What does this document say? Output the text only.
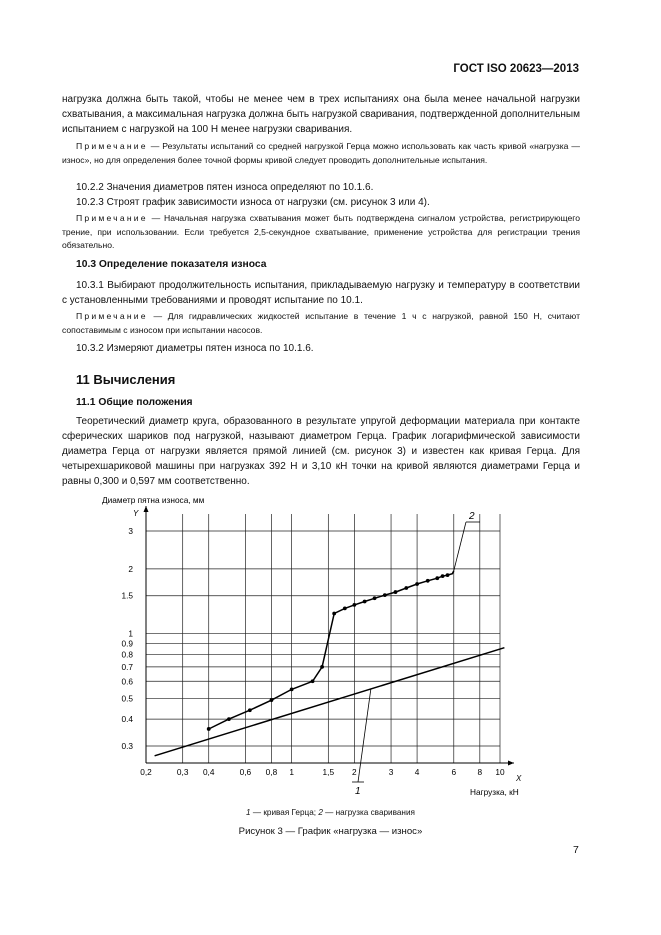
ГОСТ ISO 20623—2013
нагрузка должна быть такой, чтобы не менее чем в трех испытаниях она была менее начальной нагрузки схватывания, а максимальная нагрузка должна быть нагрузкой сваривания, подтвержденной дополнительным испытанием с нагрузкой на 100 Н менее нагрузки сваривания.
Примечание — Результаты испытаний со средней нагрузкой Герца можно использовать как часть кривой «нагрузка — износ», но для определения более точной формы кривой следует проводить дополнительные испытания.
10.2.2 Значения диаметров пятен износа определяют по 10.1.6.
10.2.3 Строят график зависимости износа от нагрузки (см. рисунок 3 или 4).
Примечание — Начальная нагрузка схватывания может быть подтверждена сигналом устройства, регистрирующего трение, при использовании. Если требуется 2,5-секундное схватывание, применение устройства для регистрации трения обязательно.
10.3 Определение показателя износа
10.3.1 Выбирают продолжительность испытания, прикладываемую нагрузку и температуру в соответствии с установленными требованиями и проводят испытание по 10.1.
Примечание — Для гидравлических жидкостей испытание в течение 1 ч с нагрузкой, равной 150 Н, считают сопоставимым с износом при испытании насосов.
10.3.2 Измеряют диаметры пятен износа по 10.1.6.
11 Вычисления
11.1 Общие положения
Теоретический диаметр круга, образованного в результате упругой деформации материала при контакте сферических шариков под нагрузкой, называют диаметром Герца. График логарифмической зависимости диаметра Герца от нагрузки является прямой линией (см. рисунок 3) и известен как кривая Герца. Для четырехшариковой машины при нагрузках 392 Н и 3,10 кН точки на кривой являются диаметрами Герца и равны 0,300 и 0,597 мм соответственно.
0,2	0,3 0,4	0,6 0,8 1	1,5 2	3	4	6	8 10
0.3
0.4
0.5
0.6
0.7
0.8
0.9
1
1.5
2
3
Диаметр пятна износа, мм
Y
Нагрузка, кН
X
1
2
1 — кривая Герца; 2 — нагрузка сваривания
Рисунок 3 — График «нагрузка — износ»
7
